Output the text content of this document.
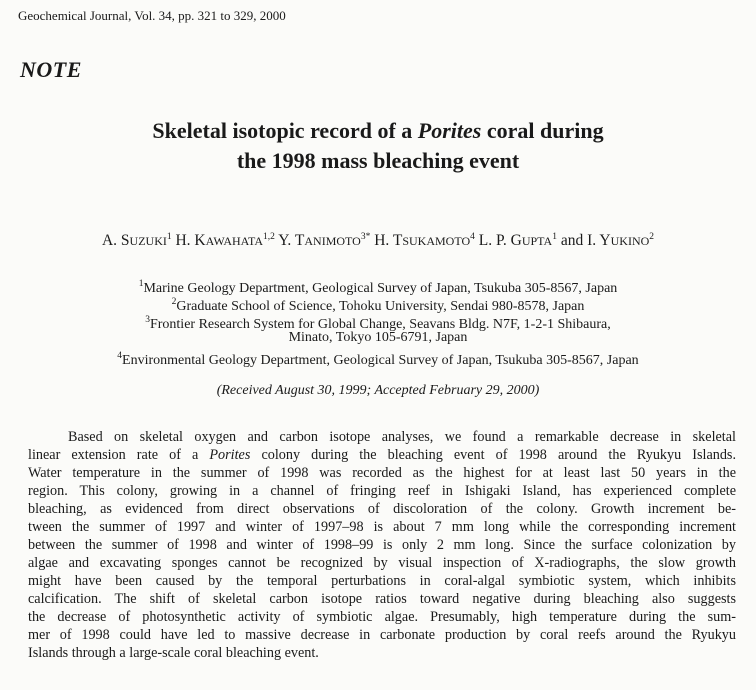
Geochemical Journal, Vol. 34, pp. 321 to 329, 2000
NOTE
Skeletal isotopic record of a Porites coral during
the 1998 mass bleaching event
A. SUZUKI$^1$ H. KAWAHATA$^{1,2}$ Y. $TANIMOTO^{3*}$ H. TSUKAMOTO$^4$ L. P. GUPTA$^1$ and I. YUKINO$^2$
$^1$Marine Geology Department, Geological Survey of Japan, Tsukuba 305-8567, Japan
$^2$Graduate School of Science, Tohoku University, Sendai 980-8578, Japan
$^3$Frontier Research System for Global Change, Seavans Bldg. N7F, 1-2-1 Shibaura,
Minato, Tokyo 105-6791, Japan
$^4$Environmental Geology Department, Geological Survey of Japan, Tsukuba 305-8567, Japan
(Received August 30, 1999; Accepted February 29, 2000)
Based on skeletal oxygen and carbon isotope analyses, we found a remarkable decrease in skeletal
linear extension rate of a Porites colony during the bleaching event of 1998 around the Ryukyu Islands.
Water temperature in the summer of 1998 was recorded as the highest for at least last 50 years in the
region. This colony, growing in a channel of fringing reef in Ishigaki Island, has experienced complete
bleaching, as evidenced from direct observations of discoloration of the colony. Growth increment be-
tween the summer of 1997 and winter of 1997–98 is about 7 mm long while the corresponding increment
between the summer of 1998 and winter of 1998–99 is only 2 mm long. Since the surface colonization by
algae and excavating sponges cannot be recognized by visual inspection of X-radiographs, the slow growth
might have been caused by the temporal perturbations in coral-algal symbiotic system, which inhibits
calcification. The shift of skeletal carbon isotope ratios toward negative during bleaching also suggests
the decrease of photosynthetic activity of symbiotic algae. Presumably, high temperature during the sum-
mer of 1998 could have led to massive decrease in carbonate production by coral reefs around the Ryukyu
Islands through a large-scale coral bleaching event.
